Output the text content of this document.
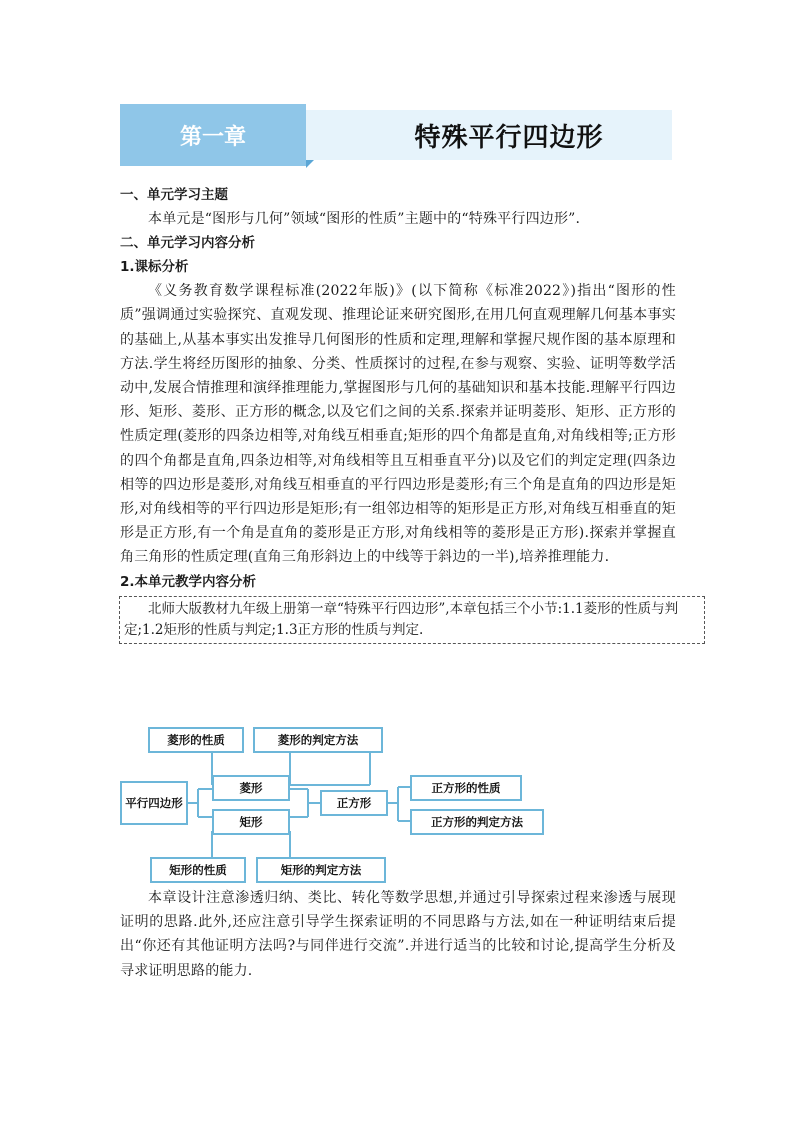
第一章	特殊平行四边形

一、单元学习主题

本单元是“图形与几何”领域“图形的性质”主题中的“特殊平行四边形”.

二、单元学习内容分析

1.课标分析

《义务教育数学课程标准(2022年版)》(以下简称《标准2022》)指出“图形的性质”强调通过实验探究、直观发现、推理论证来研究图形,在用几何直观理解几何基本事实的基础上,从基本事实出发推导几何图形的性质和定理,理解和掌握尺规作图的基本原理和方法.学生将经历图形的抽象、分类、性质探讨的过程,在参与观察、实验、证明等数学活动中,发展合情推理和演绎推理能力,掌握图形与几何的基础知识和基本技能.理解平行四边形、矩形、菱形、正方形的概念,以及它们之间的关系.探索并证明菱形、矩形、正方形的性质定理(菱形的四条边相等,对角线互相垂直;矩形的四个角都是直角,对角线相等;正方形的四个角都是直角,四条边相等,对角线相等且互相垂直平分)以及它们的判定定理(四条边相等的四边形是菱形,对角线互相垂直的平行四边形是菱形;有三个角是直角的四边形是矩形,对角线相等的平行四边形是矩形;有一组邻边相等的矩形是正方形,对角线互相垂直的矩形是正方形,有一个角是直角的菱形是正方形,对角线相等的菱形是正方形).探索并掌握直角三角形的性质定理(直角三角形斜边上的中线等于斜边的一半),培养推理能力.

2.本单元教学内容分析

北师大版教材九年级上册第一章“特殊平行四边形”,本章包括三个小节:1.1菱形的性质与判定;1.2矩形的性质与判定;1.3正方形的性质与判定.

菱形的性质	菱形的判定方法
平行四边形
菱形
矩形
正方形
正方形的性质
正方形的判定方法
矩形的性质	矩形的判定方法

本章设计注意渗透归纳、类比、转化等数学思想,并通过引导探索过程来渗透与展现证明的思路.此外,还应注意引导学生探索证明的不同思路与方法,如在一种证明结束后提出“你还有其他证明方法吗?与同伴进行交流”.并进行适当的比较和讨论,提高学生分析及寻求证明思路的能力.
